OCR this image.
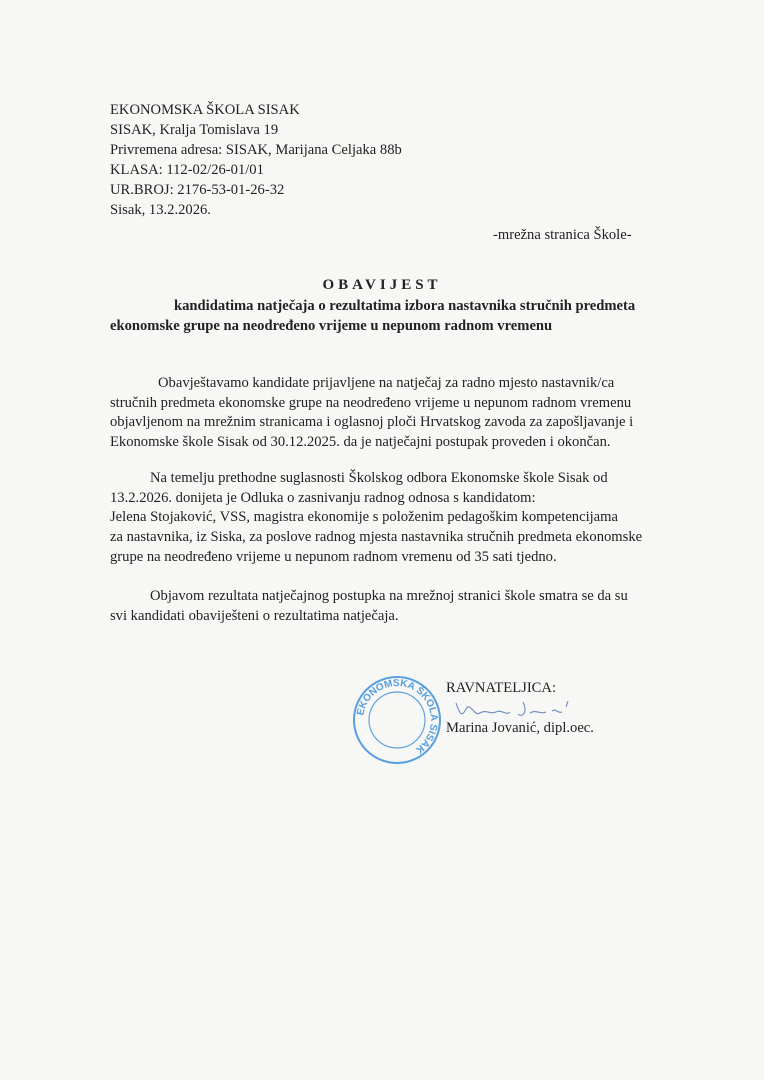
EKONOMSKA ŠKOLA SISAK
SISAK, Kralja Tomislava 19
Privremena adresa: SISAK, Marijana Celjaka 88b
KLASA: 112-02/26-01/01
UR.BROJ: 2176-53-01-26-32
Sisak, 13.2.2026.
-mrežna stranica Škole-
OBAVIJEST
kandidatima natječaja o rezultatima izbora nastavnika stručnih predmeta
ekonomske grupe na neodređeno vrijeme u nepunom radnom vremenu
Obavještavamo kandidate prijavljene na natječaj za radno mjesto nastavnik/ca
stručnih predmeta ekonomske grupe na neodređeno vrijeme u nepunom radnom vremenu
objavljenom na mrežnim stranicama i oglasnoj ploči Hrvatskog zavoda za zapošljavanje i
Ekonomske škole Sisak od 30.12.2025. da je natječajni postupak proveden i okončan.
Na temelju prethodne suglasnosti Školskog odbora Ekonomske škole Sisak od
13.2.2026. donijeta je Odluka o zasnivanju radnog odnosa s kandidatom:
Jelena Stojaković, VSS, magistra ekonomije s položenim pedagoškim kompetencijama
za nastavnika, iz Siska, za poslove radnog mjesta nastavnika stručnih predmeta ekonomske
grupe na neodređeno vrijeme u nepunom radnom vremenu od 35 sati tjedno.
Objavom rezultata natječajnog postupka na mrežnoj stranici škole smatra se da su
svi kandidati obaviješteni o rezultatima natječaja.
EKONOMSKA ŠKOLA SISAK
RAVNATELJICA:
Marina Jovanić, dipl.oec.
